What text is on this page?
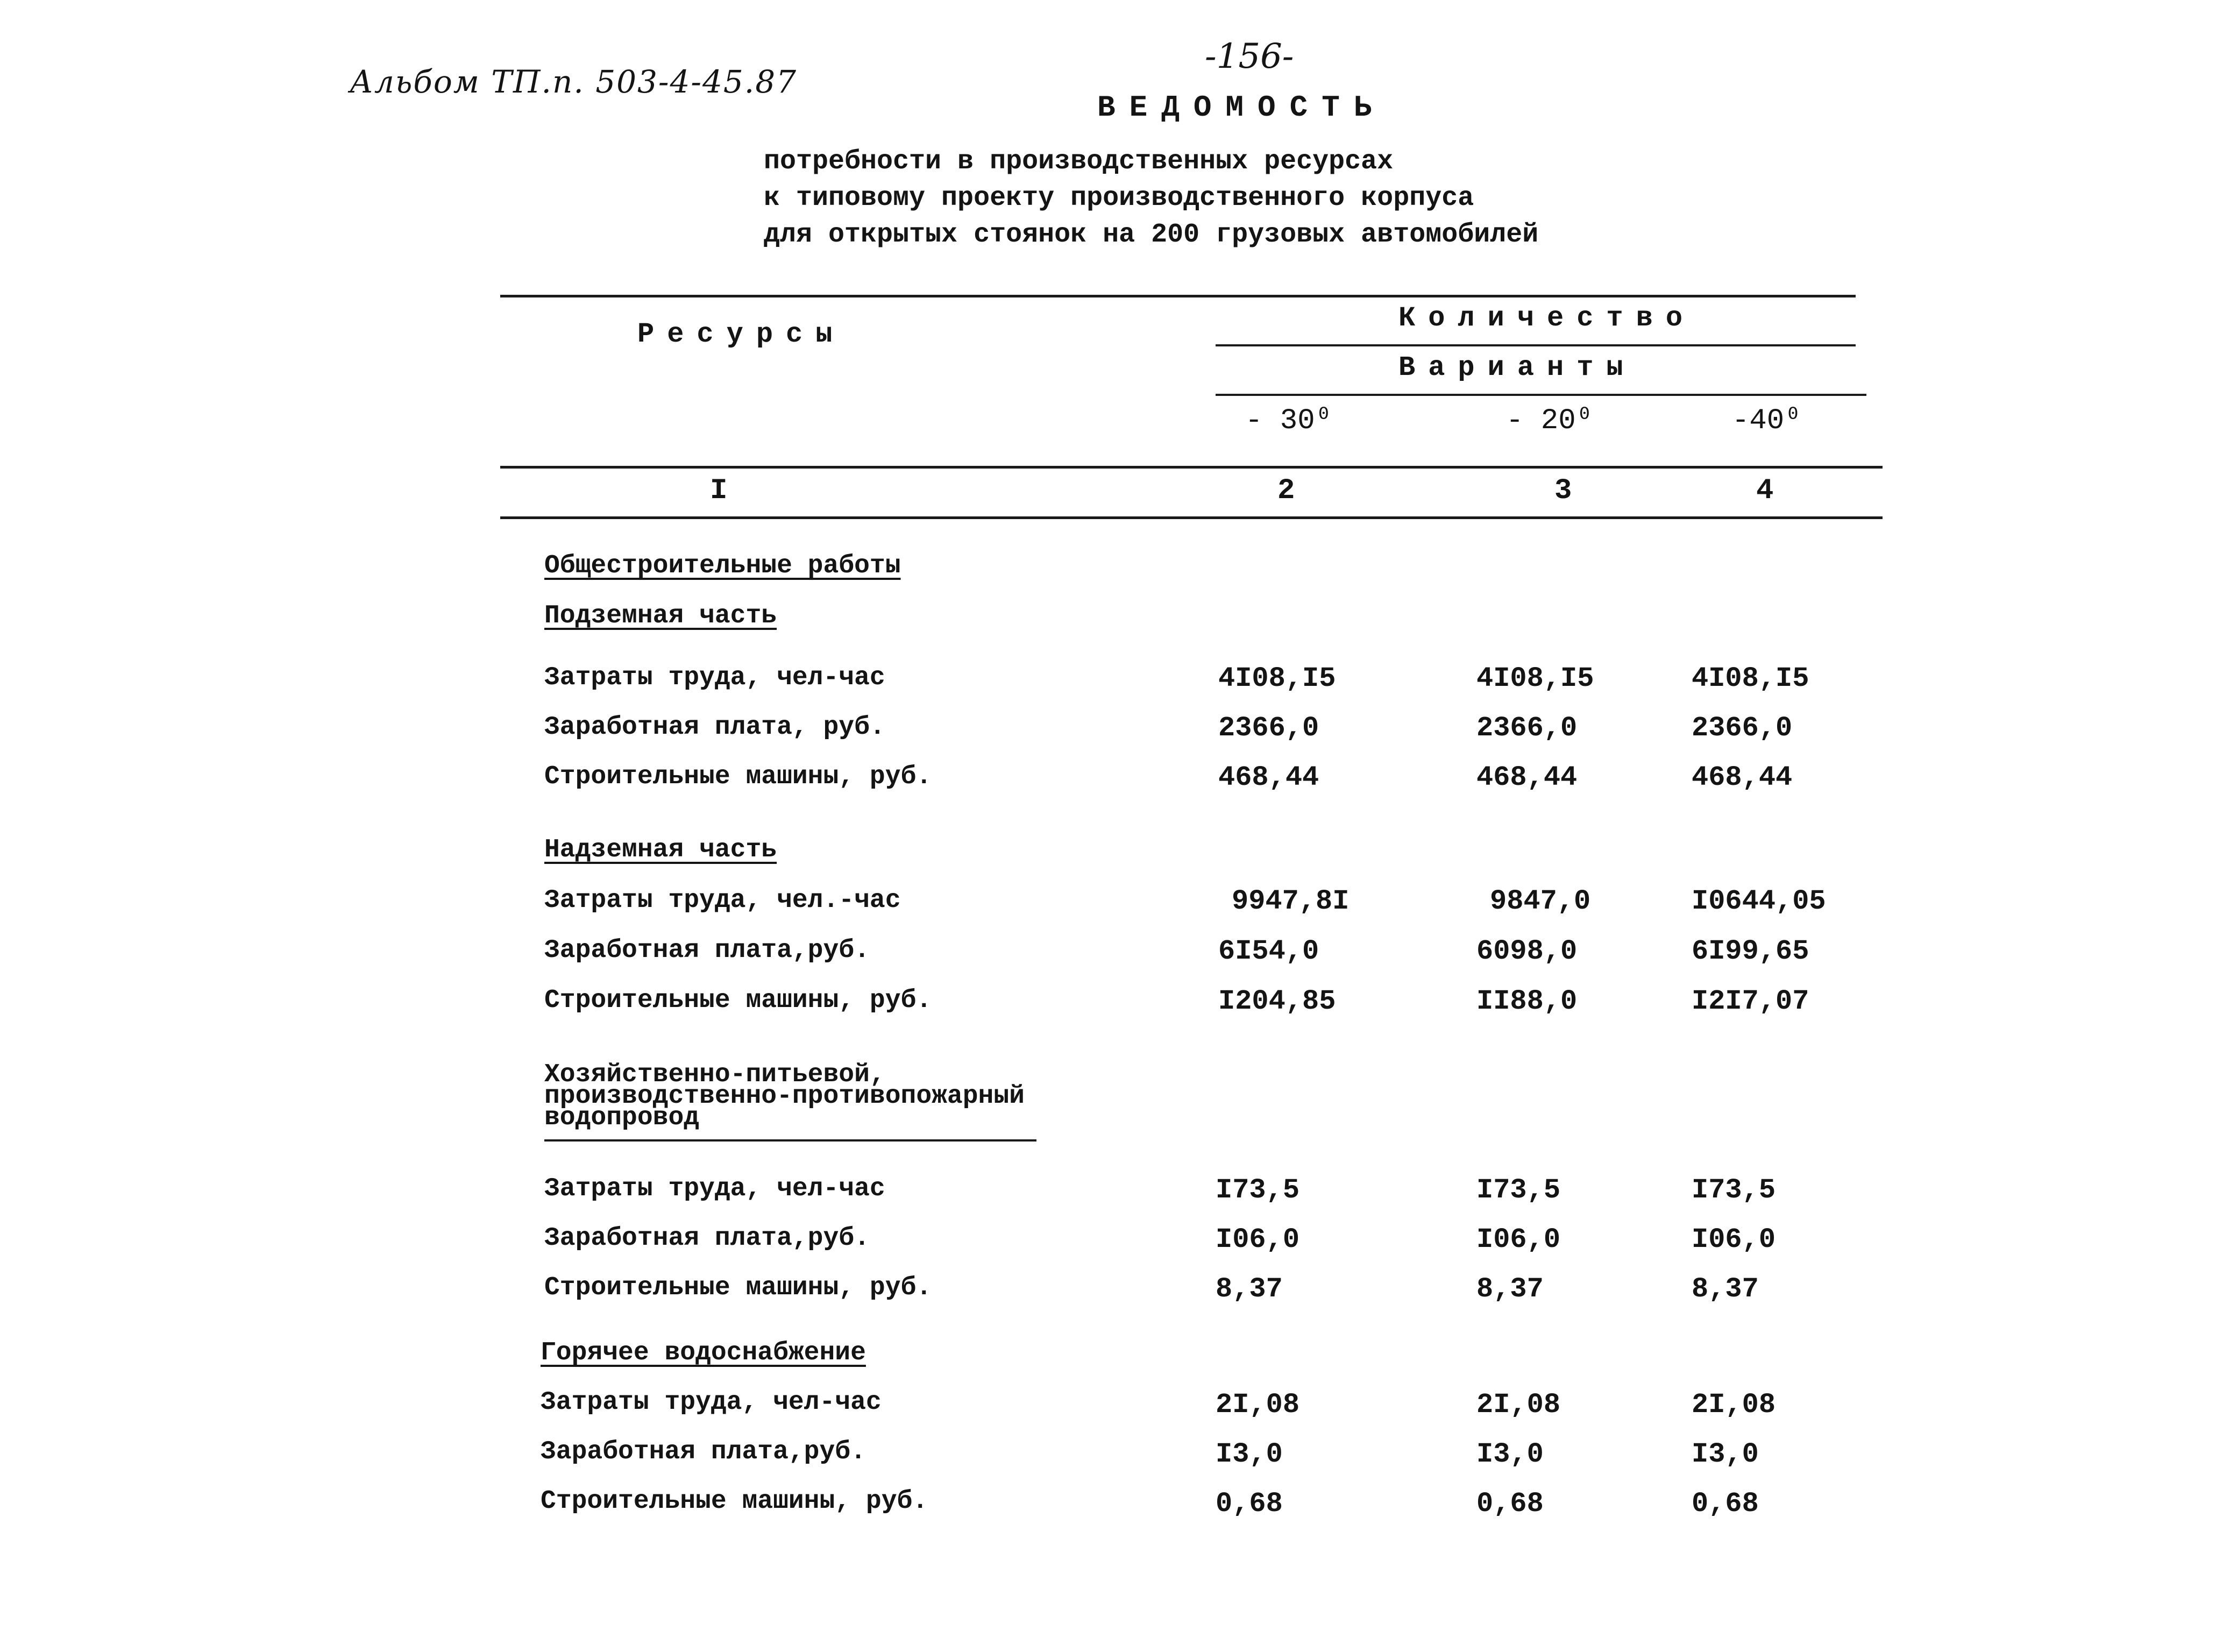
-156-
Альбом ТП.п. 503-4-45.87
ВЕДОМОСТЬ
потребности в производственных ресурсах
к типовому проекту производственного корпуса
для открытых стоянок на 200 грузовых автомобилей
Ресурсы
Количество
Варианты
- 30⁰	- 20⁰	-40⁰
I	2	3	4
Общестроительные работы
Подземная часть
Затраты труда, чел-час	4I08,I5	4I08,I5	4I08,I5
Заработная плата, руб.	2366,0	2366,0	2366,0
Строительные машины, руб.	468,44	468,44	468,44
Надземная часть
Затраты труда, чел.-час	9947,8I	9847,0	I0644,05
Заработная плата,руб.	6I54,0	6098,0	6I99,65
Строительные машины, руб.	I204,85	II88,0	I2I7,07
Хозяйственно-питьевой,
производственно-противопожарный
водопровод
Затраты труда, чел-час	I73,5	I73,5	I73,5
Заработная плата,руб.	I06,0	I06,0	I06,0
Строительные машины, руб.	8,37	8,37	8,37
Горячее водоснабжение
Затраты труда, чел-час	2I,08	2I,08	2I,08
Заработная плата,руб.	I3,0	I3,0	I3,0
Строительные машины, руб.	0,68	0,68	0,68
